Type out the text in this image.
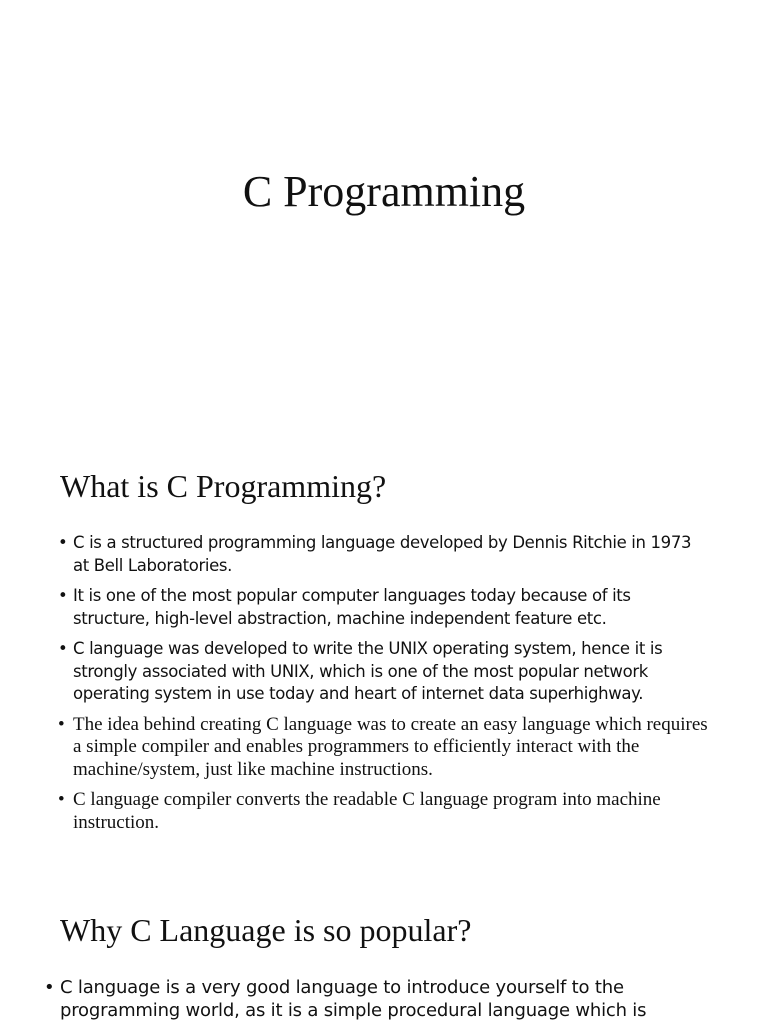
C Programming
What is C Programming?
• C is a structured programming language developed by Dennis Ritchie in 1973 at Bell Laboratories.
• It is one of the most popular computer languages today because of its structure, high-level abstraction, machine independent feature etc.
• C language was developed to write the UNIX operating system, hence it is strongly associated with UNIX, which is one of the most popular network operating system in use today and heart of internet data superhighway.
• The idea behind creating C language was to create an easy language which requires a simple compiler and enables programmers to efficiently interact with the machine/system, just like machine instructions.
• C language compiler converts the readable C language program into machine instruction.
Why C Language is so popular?
• C language is a very good language to introduce yourself to the programming world, as it is a simple procedural language which is
